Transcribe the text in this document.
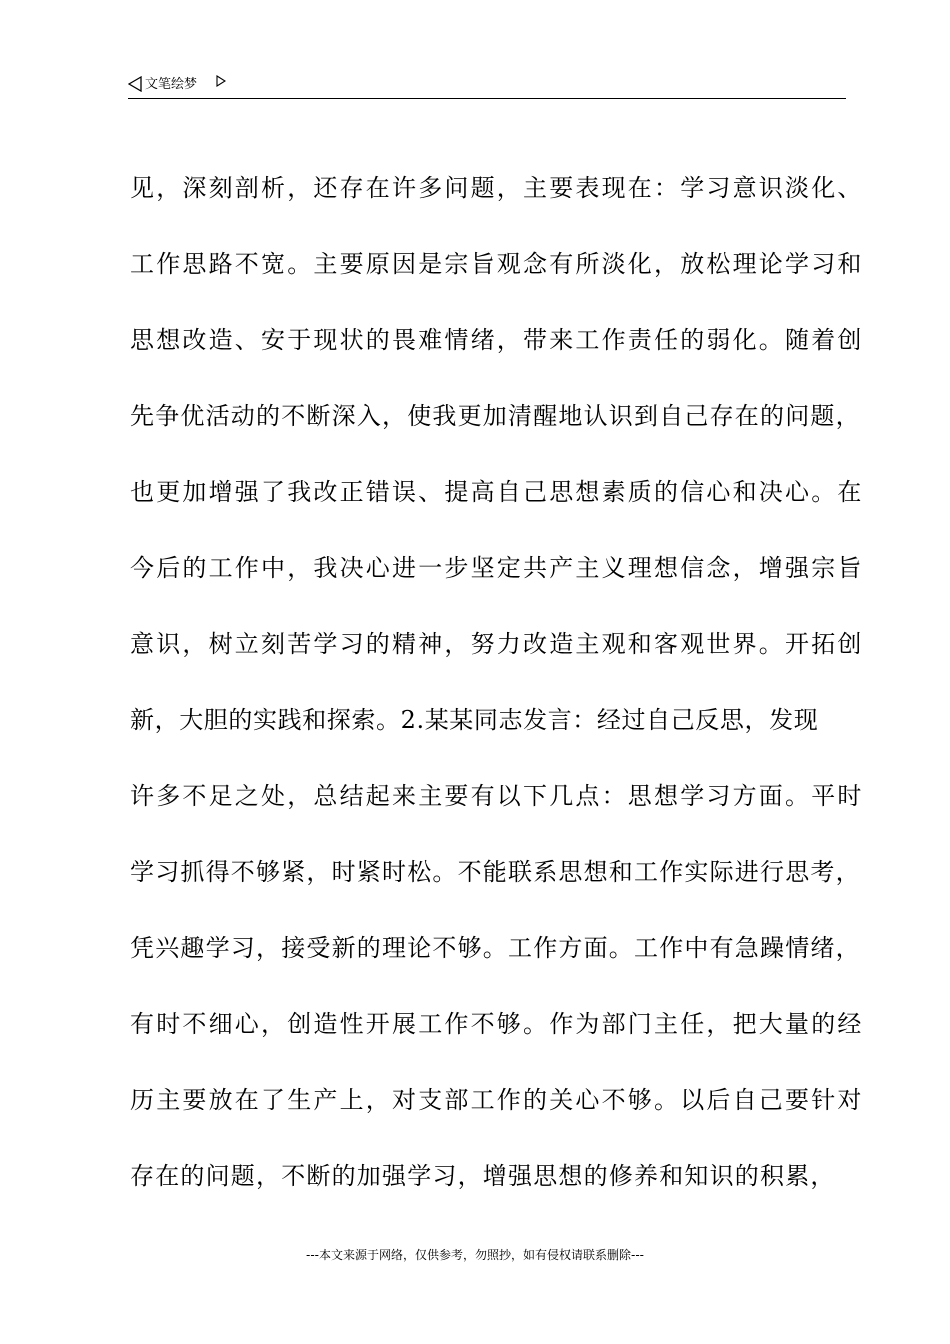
文笔绘梦
见，深刻剖析，还存在许多问题，主要表现在：学习意识淡化、
工作思路不宽。主要原因是宗旨观念有所淡化，放松理论学习和
思想改造、安于现状的畏难情绪，带来工作责任的弱化。随着创
先争优活动的不断深入，使我更加清醒地认识到自己存在的问题，
也更加增强了我改正错误、提高自己思想素质的信心和决心。在
今后的工作中，我决心进一步坚定共产主义理想信念，增强宗旨
意识，树立刻苦学习的精神，努力改造主观和客观世界。开拓创
新，大胆的实践和探索。2.某某同志发言：经过自己反思，发现
许多不足之处，总结起来主要有以下几点：思想学习方面。平时
学习抓得不够紧，时紧时松。不能联系思想和工作实际进行思考，
凭兴趣学习，接受新的理论不够。工作方面。工作中有急躁情绪，
有时不细心，创造性开展工作不够。作为部门主任，把大量的经
历主要放在了生产上，对支部工作的关心不够。以后自己要针对
存在的问题，不断的加强学习，增强思想的修养和知识的积累，
---本文来源于网络，仅供参考，勿照抄，如有侵权请联系删除---
